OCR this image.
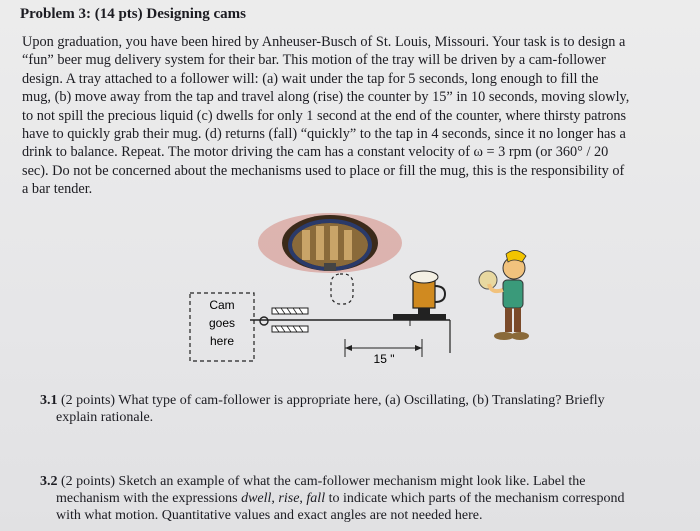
Problem 3: (14 pts) Designing cams
Upon graduation, you have been hired by Anheuser-Busch of St. Louis, Missouri. Your task is to design a
“fun” beer mug delivery system for their bar. This motion of the tray will be driven by a cam-follower
design. A tray attached to a follower will: (a) wait under the tap for 5 seconds, long enough to fill the
mug, (b) move away from the tap and travel along (rise) the counter by 15” in 10 seconds, moving slowly,
to not spill the precious liquid (c) dwells for only 1 second at the end of the counter, where thirsty patrons
have to quickly grab their mug. (d) returns (fall) “quickly” to the tap in 4 seconds, since it no longer has a
drink to balance. Repeat. The motor driving the cam has a constant velocity of ω = 3 rpm (or 360° / 20
sec). Do not be concerned about the mechanisms used to place or fill the mug, this is the responsibility of
a bar tender.
Cam
goes
here
15 "
3.1 (2 points) What type of cam-follower is appropriate here, (a) Oscillating, (b) Translating? Briefly
explain rationale.
3.2 (2 points) Sketch an example of what the cam-follower mechanism might look like. Label the
mechanism with the expressions dwell, rise, fall to indicate which parts of the mechanism correspond
with what motion. Quantitative values and exact angles are not needed here.
